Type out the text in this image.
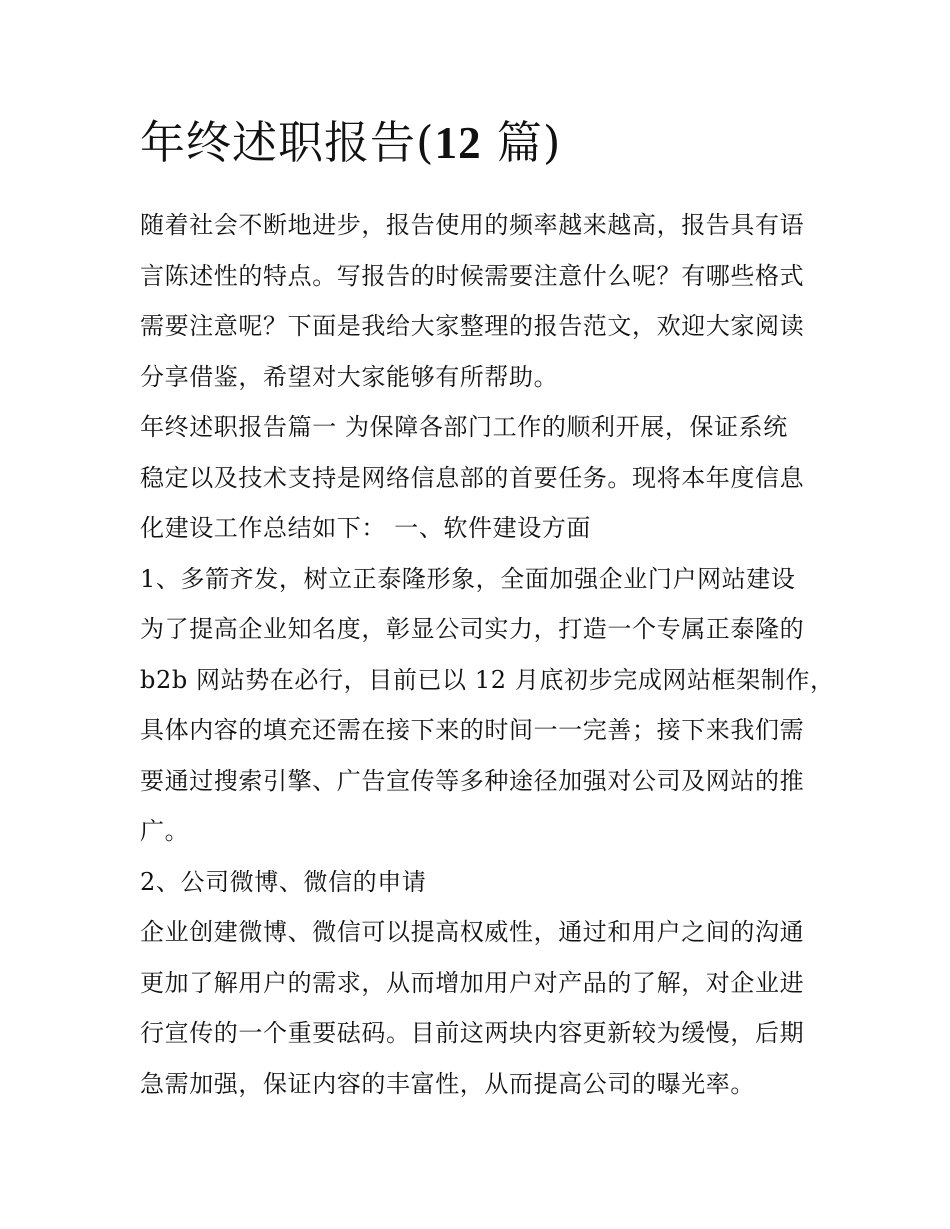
年终述职报告(12 篇)
随着社会不断地进步，报告使用的频率越来越高，报告具有语
言陈述性的特点。写报告的时候需要注意什么呢？有哪些格式
需要注意呢？下面是我给大家整理的报告范文，欢迎大家阅读
分享借鉴，希望对大家能够有所帮助。
年终述职报告篇一 为保障各部门工作的顺利开展，保证系统
稳定以及技术支持是网络信息部的首要任务。现将本年度信息
化建设工作总结如下： 一、软件建设方面
1、多箭齐发，树立正泰隆形象，全面加强企业门户网站建设
为了提高企业知名度，彰显公司实力，打造一个专属正泰隆的
b2b 网站势在必行，目前已以 12 月底初步完成网站框架制作，
具体内容的填充还需在接下来的时间一一完善；接下来我们需
要通过搜索引擎、广告宣传等多种途径加强对公司及网站的推
广。
2、公司微博、微信的申请
企业创建微博、微信可以提高权威性，通过和用户之间的沟通
更加了解用户的需求，从而增加用户对产品的了解，对企业进
行宣传的一个重要砝码。目前这两块内容更新较为缓慢，后期
急需加强，保证内容的丰富性，从而提高公司的曝光率。
